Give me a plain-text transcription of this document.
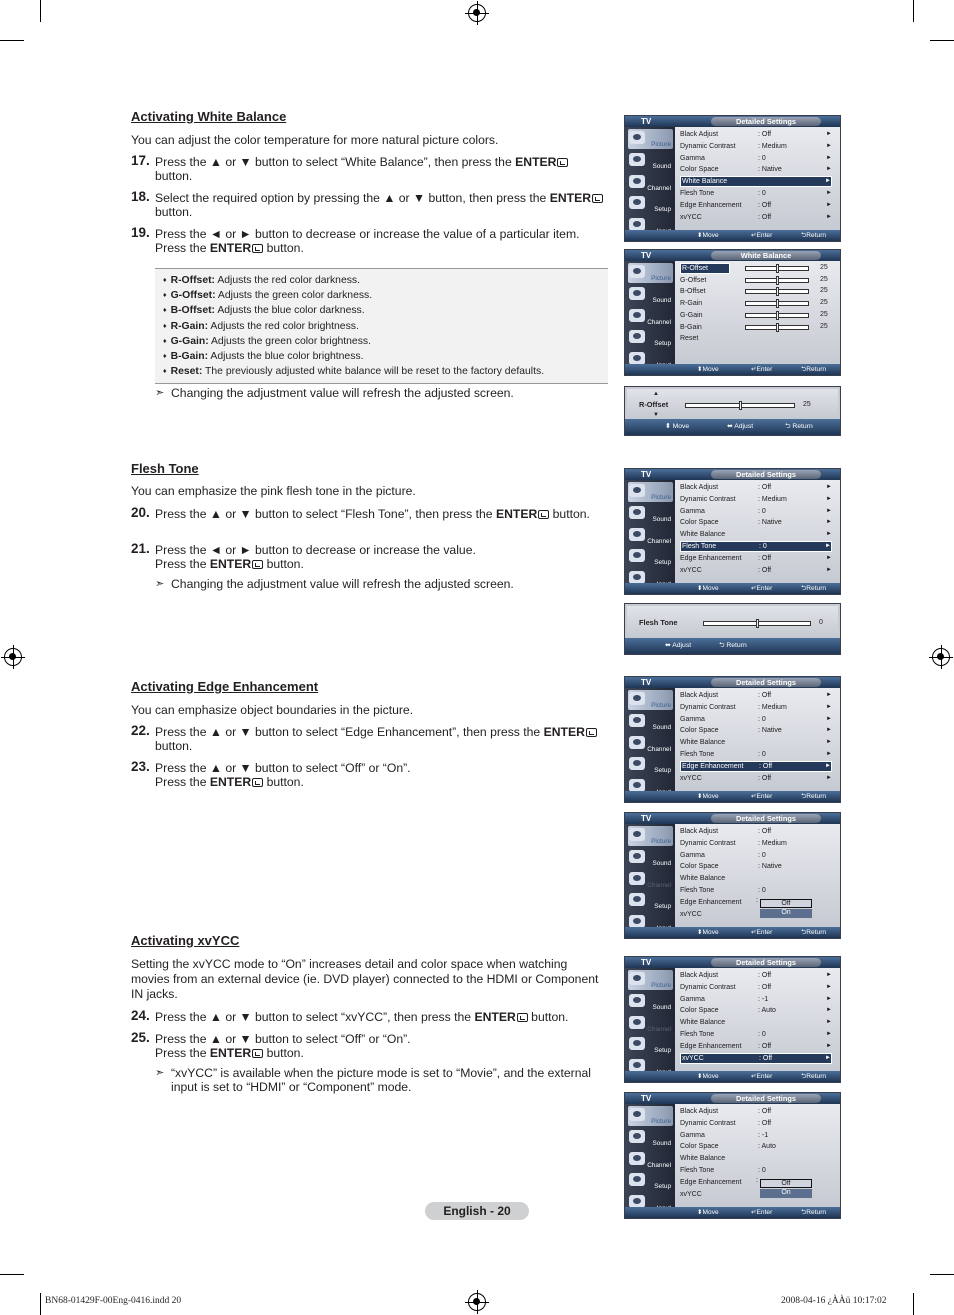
Activating White Balance
You can adjust the color temperature for more natural picture colors.
17. Press the ▲ or ▼ button to select “White Balance”, then press the ENTER button.
18. Select the required option by pressing the ▲ or ▼ button, then press the ENTER button.
19. Press the ◄ or ► button to decrease or increase the value of a particular item. Press the ENTER button.
♦ R-Offset: Adjusts the red color darkness.
♦ G-Offset: Adjusts the green color darkness.
♦ B-Offset: Adjusts the blue color darkness.
♦ R-Gain: Adjusts the red color brightness.
♦ G-Gain: Adjusts the green color brightness.
♦ B-Gain: Adjusts the blue color brightness.
♦ Reset: The previously adjusted white balance will be reset to the factory defaults.
➣ Changing the adjustment value will refresh the adjusted screen.
Flesh Tone
You can emphasize the pink flesh tone in the picture.
20. Press the ▲ or ▼ button to select “Flesh Tone”, then press the ENTER button.
21. Press the ◄ or ► button to decrease or increase the value.
Press the ENTER button.
➣ Changing the adjustment value will refresh the adjusted screen.
Activating Edge Enhancement
You can emphasize object boundaries in the picture.
22. Press the ▲ or ▼ button to select “Edge Enhancement”, then press the ENTER button.
23. Press the ▲ or ▼ button to select “Off” or “On”.
Press the ENTER button.
Activating xvYCC
Setting the xvYCC mode to “On” increases detail and color space when watching movies from an external device (ie. DVD player) connected to the HDMI or Component IN jacks.
24. Press the ▲ or ▼ button to select “xvYCC”, then press the ENTER button.
25. Press the ▲ or ▼ button to select “Off” or “On”.
Press the ENTER button.
➣ “xvYCC” is available when the picture mode is set to “Movie”, and the external input is set to “HDMI” or “Component” mode.
TV	Detailed Settings
Picture
Sound
Channel
Setup
Black Adjust	: Off	►
Dynamic Contrast	: Medium	►
Gamma	: 0	►
Color Space	: Native	►
White Balance	►
Flesh Tone	: 0	►
Edge Enhancement : Off	►
xvYCC	: Off	►
⬍ Move	↵ Enter	⮌ Return
TV	White Balance
Picture
Sound
Channel
Setup
R-Offset	25
G-Offset	25
B-Offset	25
R-Gain	25
G-Gain	25
B-Gain	25
Reset
⬍ Move	↵ Enter	⮌ Return
R-Offset
▲
▼
25
⬍ Move	⬌ Adjust	⮌ Return
TV	Detailed Settings
Picture
Sound
Channel
Setup
Black Adjust	: Off	►
Dynamic Contrast	: Medium	►
Gamma	: 0	►
Color Space	: Native	►
White Balance	►
Flesh Tone	: 0	►
Edge Enhancement : Off	►
xvYCC	: Off	►
⬍ Move	↵ Enter	⮌ Return
Flesh Tone	0
⬌ Adjust	⮌ Return
TV	Detailed Settings
Picture
Sound
Channel
Setup
Black Adjust	: Off	►
Dynamic Contrast	: Medium	►
Gamma	: 0	►
Color Space	: Native	►
White Balance	►
Flesh Tone	: 0	►
Edge Enhancement : Off	►
xvYCC	: Off	►
⬍ Move	↵ Enter	⮌ Return
TV	Detailed Settings
Picture
Sound
Channel
Setup
Black Adjust	: Off
Dynamic Contrast	: Medium
Gamma	: 0
Color Space	: Native
White Balance
Flesh Tone	: 0
Edge Enhancement
xvYCC
:	Off
On
⬍ Move	↵ Enter	⮌ Return
TV	Detailed Settings
Picture
Sound
Channel
Setup
Black Adjust	: Off	►
Dynamic Contrast	: Off	►
Gamma	: -1	►
Color Space	: Auto	►
White Balance	►
Flesh Tone	: 0	►
Edge Enhancement : Off	►
xvYCC	: Off	►
⬍ Move	↵ Enter	⮌ Return
TV	Detailed Settings
Picture
Sound
Channel
Setup
Black Adjust	: Off
Dynamic Contrast	: Off
Gamma	: -1
Color Space	: Auto
White Balance
Flesh Tone	: 0
Edge Enhancement
xvYCC
:	Off
On
⬍ Move	↵ Enter	⮌ Return
English - 20
BN68-01429F-00Eng-0416.indd 20	2008-04-16 ¿ÀÀü 10:17:02
